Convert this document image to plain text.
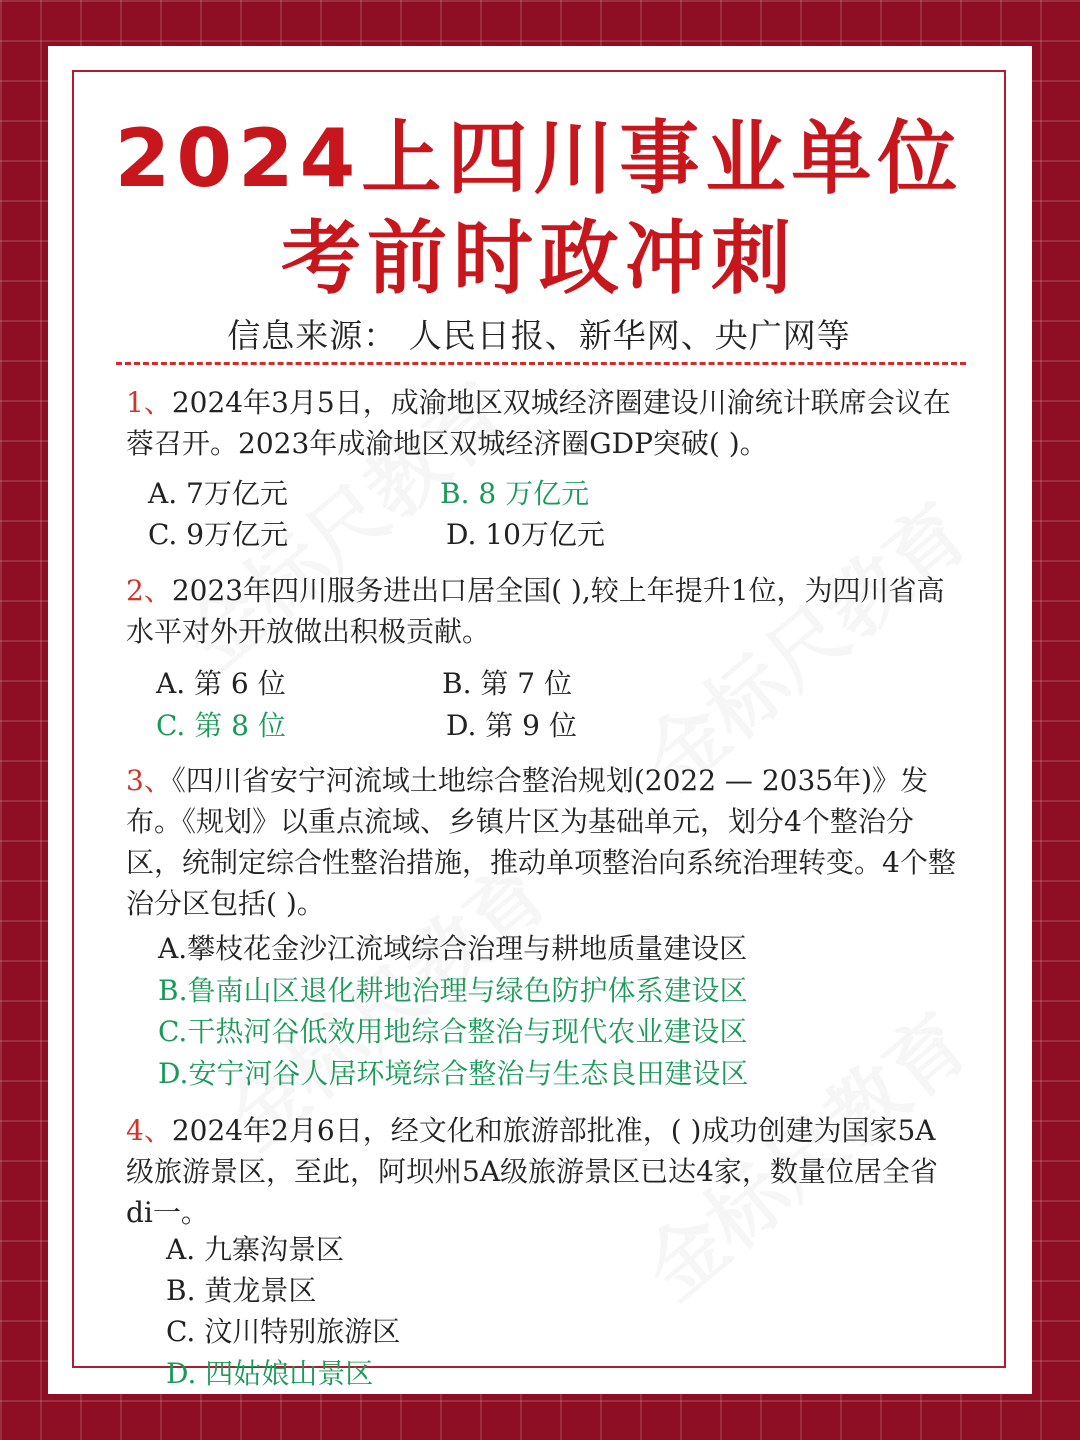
2024上四川事业单位
考前时政冲刺
信息来源： 人民日报、新华网、央广网等
1、2024年3月5日，成渝地区双城经济圈建设川渝统计联席会议在蓉召开。2023年成渝地区双城经济圈GDP突破( )。
A. 7万亿元	B. 8 万亿元
C. 9万亿元	D. 10万亿元
2、2023年四川服务进出口居全国( ),较上年提升1位，为四川省高水平对外开放做出积极贡献。
A. 第 6 位	B. 第 7 位
C. 第 8 位	D. 第 9 位
3、《四川省安宁河流域土地综合整治规划(2022 — 2035年)》发布。《规划》以重点流域、乡镇片区为基础单元，划分4个整治分区，统制定综合性整治措施，推动单项整治向系统治理转变。4个整治分区包括( )。
A.攀枝花金沙江流域综合治理与耕地质量建设区
B.鲁南山区退化耕地治理与绿色防护体系建设区
C.干热河谷低效用地综合整治与现代农业建设区
D.安宁河谷人居环境综合整治与生态良田建设区
4、2024年2月6日，经文化和旅游部批准，( )成功创建为国家5A级旅游景区，至此，阿坝州5A级旅游景区已达4家，数量位居全省di一。
A. 九寨沟景区
B. 黄龙景区
C. 汶川特别旅游区
D. 四姑娘山景区
